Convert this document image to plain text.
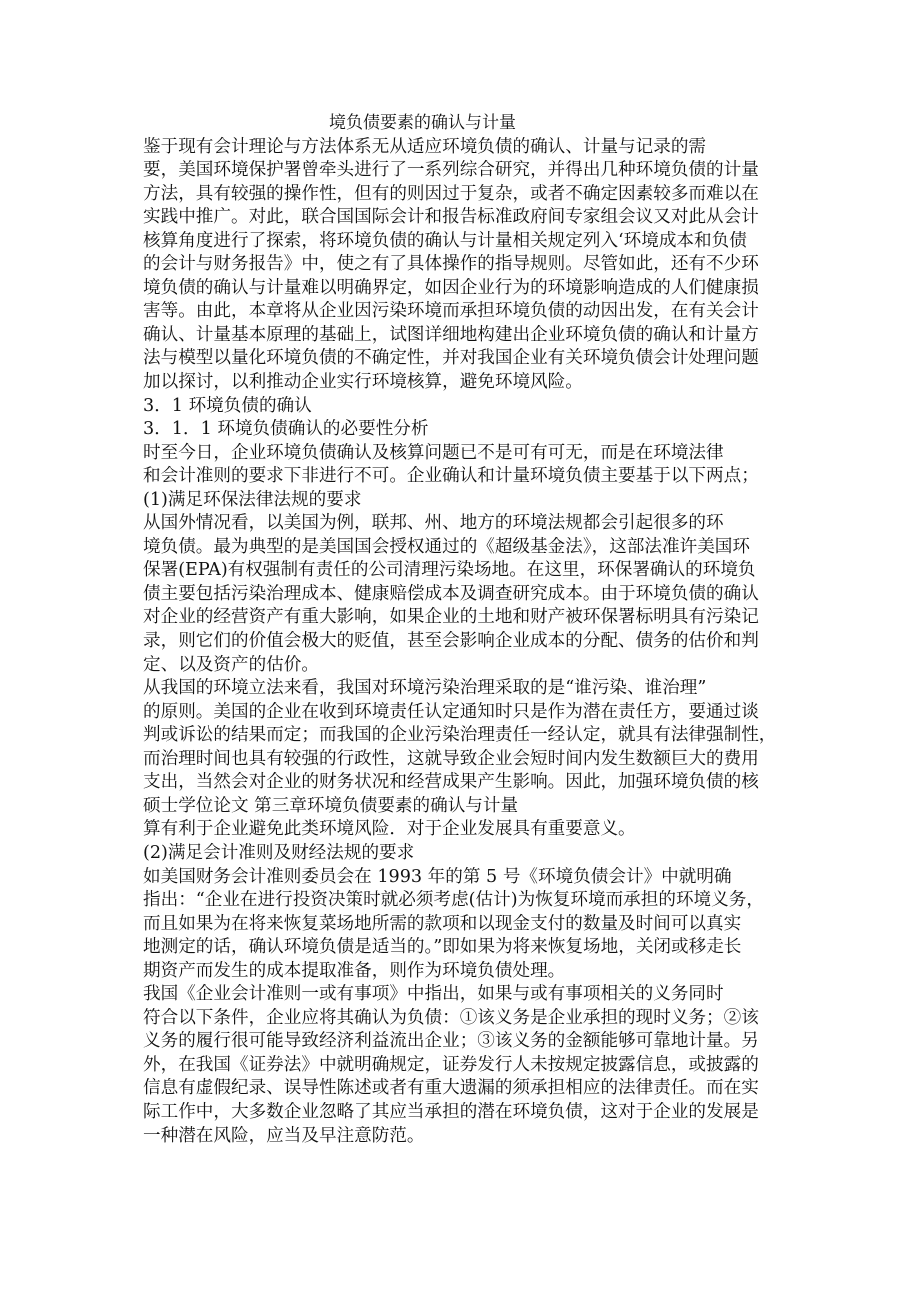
境负债要素的确认与计量
鉴于现有会计理论与方法体系无从适应环境负债的确认、计量与记录的需
要，美国环境保护署曾牵头进行了一系列综合研究，并得出几种环境负债的计量
方法，具有较强的操作性，但有的则因过于复杂，或者不确定因素较多而难以在
实践中推广。对此，联合国国际会计和报告标准政府间专家组会议又对此从会计
核算角度进行了探索，将环境负债的确认与计量相关规定列入‘环境成本和负债
的会计与财务报告》中，使之有了具体操作的指导规则。尽管如此，还有不少环
境负债的确认与计量难以明确界定，如因企业行为的环境影响造成的人们健康损
害等。由此，本章将从企业因污染环境而承担环境负债的动因出发，在有关会计
确认、计量基本原理的基础上，试图详细地构建出企业环境负债的确认和计量方
法与模型以量化环境负债的不确定性，并对我国企业有关环境负债会计处理问题
加以探讨，以利推动企业实行环境核算，避免环境风险。
3．1 环境负债的确认
3．1．1 环境负债确认的必要性分析
时至今日，企业环境负债确认及核算问题已不是可有可无，而是在环境法律
和会计准则的要求下非进行不可。企业确认和计量环境负债主要基于以下两点；
(1)满足环保法律法规的要求
从国外情况看，以美国为例，联邦、州、地方的环境法规都会引起很多的环
境负债。最为典型的是美国国会授权通过的《超级基金法》，这部法准许美国环
保署(EPA)有权强制有责任的公司清理污染场地。在这里，环保署确认的环境负
债主要包括污染治理成本、健康赔偿成本及调查研究成本。由于环境负债的确认
对企业的经营资产有重大影响，如果企业的土地和财产被环保署标明具有污染记
录，则它们的价值会极大的贬值，甚至会影响企业成本的分配、债务的估价和判
定、以及资产的估价。
从我国的环境立法来看，我国对环境污染治理采取的是“谁污染、谁治理”
的原则。美国的企业在收到环境责任认定通知时只是作为潜在责任方，要通过谈
判或诉讼的结果而定；而我国的企业污染治理责任一经认定，就具有法律强制性，
而治理时间也具有较强的行政性，这就导致企业会短时间内发生数额巨大的费用
支出，当然会对企业的财务状况和经营成果产生影响。因此，加强环境负债的核
硕士学位论文 第三章环境负债要素的确认与计量
算有利于企业避免此类环境风险．对于企业发展具有重要意义。
(2)满足会计准则及财经法规的要求
如美国财务会计准则委员会在 1993 年的第 5 号《环境负债会计》中就明确
指出：“企业在进行投资决策时就必须考虑(估计)为恢复环境而承担的环境义务，
而且如果为在将来恢复菜场地所需的款项和以现金支付的数量及时间可以真实
地测定的话，确认环境负债是适当的。”即如果为将来恢复场地，关闭或移走长
期资产而发生的成本提取准备，则作为环境负债处理。
我国《企业会计准则一或有事项》中指出，如果与或有事项相关的义务同时
符合以下条件，企业应将其确认为负债：①该义务是企业承担的现时义务；②该
义务的履行很可能导致经济利益流出企业；③该义务的金额能够可靠地计量。另
外，在我国《证券法》中就明确规定，证券发行人未按规定披露信息，或披露的
信息有虚假纪录、误导性陈述或者有重大遗漏的须承担相应的法律责任。而在实
际工作中，大多数企业忽略了其应当承担的潜在环境负债，这对于企业的发展是
一种潜在风险，应当及早注意防范。
